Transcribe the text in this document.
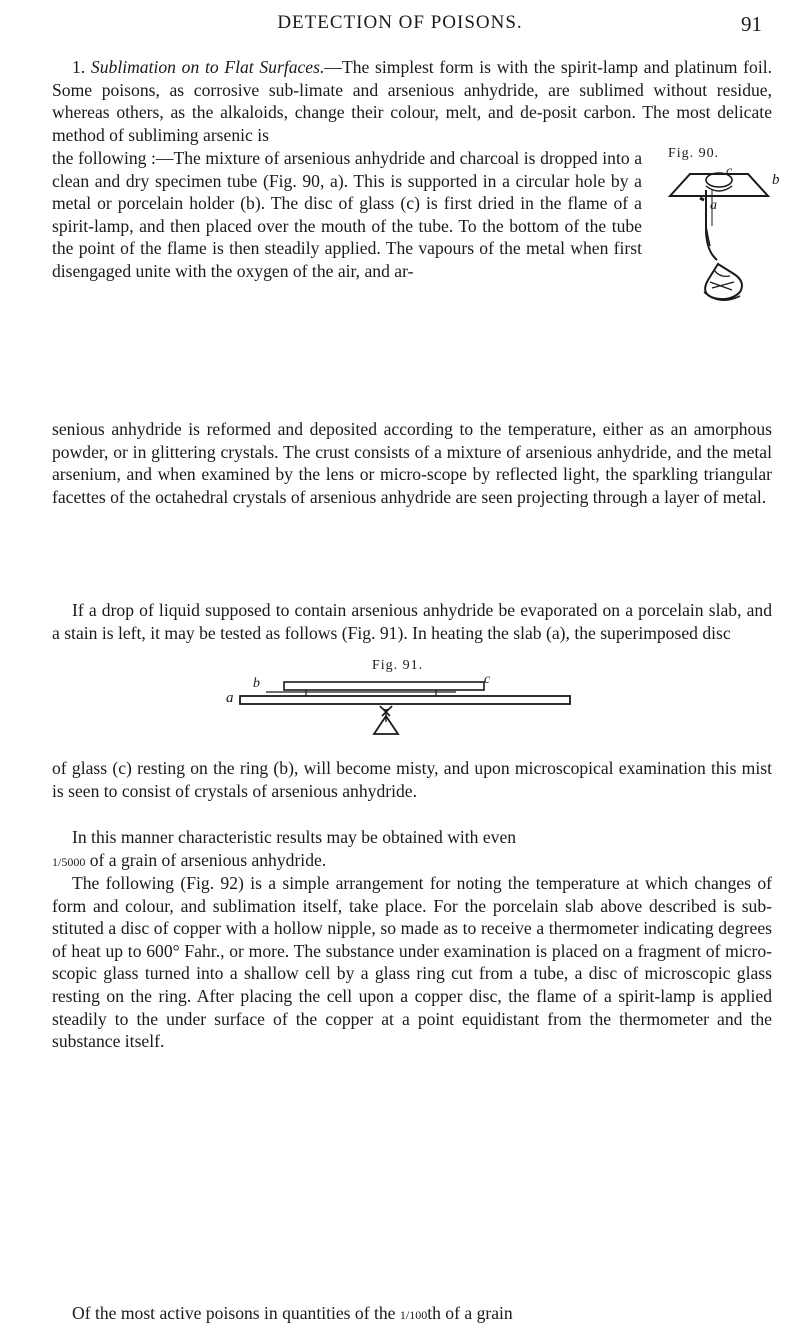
DETECTION OF POISONS.	91

1. Sublimation on to Flat Surfaces.—The simplest form is with the spirit-lamp and platinum foil. Some poisons, as corrosive sub-limate and arsenious anhydride, are sublimed without residue, whereas others, as the alkaloids, change their colour, melt, and de-posit carbon. The most delicate method of subliming arsenic is

the following :—The mixture of arsenious anhydride and charcoal is dropped into a clean and dry specimen tube (Fig. 90, a). This is supported in a circular hole by a metal or porcelain holder (b). The disc of glass (c) is first dried in the flame of a spirit-lamp, and then placed over the mouth of the tube. To the bottom of the tube the point of the flame is then steadily applied. The vapours of the metal when first disengaged unite with the oxygen of the air, and ar-

Fig. 90.
c
b
a

senious anhydride is reformed and deposited according to the temperature, either as an amorphous powder, or in glittering crystals. The crust consists of a mixture of arsenious anhydride, and the metal arsenium, and when examined by the lens or micro-scope by reflected light, the sparkling triangular facettes of the octahedral crystals of arsenious anhydride are seen projecting through a layer of metal.

If a drop of liquid supposed to contain arsenious anhydride be evaporated on a porcelain slab, and a stain is left, it may be tested as follows (Fig. 91). In heating the slab (a), the superimposed disc

Fig. 91.
b	c
a

of glass (c) resting on the ring (b), will become misty, and upon microscopical examination this mist is seen to consist of crystals of arsenious anhydride.

In this manner characteristic results may be obtained with even

1/5000 of a grain of arsenious anhydride.

The following (Fig. 92) is a simple arrangement for noting the temperature at which changes of form and colour, and sublimation itself, take place. For the porcelain slab above described is sub-stituted a disc of copper with a hollow nipple, so made as to receive a thermometer indicating degrees of heat up to 600° Fahr., or more. The substance under examination is placed on a fragment of micro-scopic glass turned into a shallow cell by a glass ring cut from a tube, a disc of microscopic glass resting on the ring. After placing the cell upon a copper disc, the flame of a spirit-lamp is applied steadily to the under surface of the copper at a point equidistant from the thermometer and the substance itself.

Of the most active poisons in quantities of the 1/100th of a grain
